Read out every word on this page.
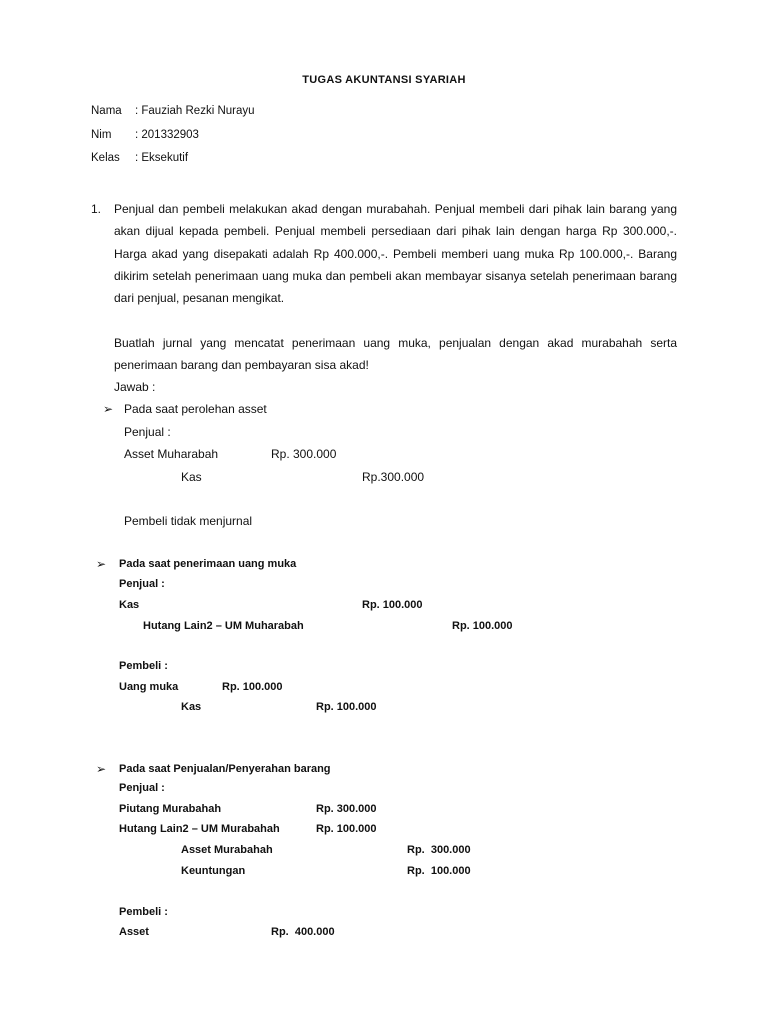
TUGAS AKUNTANSI SYARIAH
Nama : Fauziah Rezki Nurayu
Nim : 201332903
Kelas : Eksekutif
1. Penjual dan pembeli melakukan akad dengan murabahah. Penjual membeli dari pihak lain barang yang akan dijual kepada pembeli. Penjual membeli persediaan dari pihak lain dengan harga Rp 300.000,-. Harga akad yang disepakati adalah Rp 400.000,-. Pembeli memberi uang muka Rp 100.000,-. Barang dikirim setelah penerimaan uang muka dan pembeli akan membayar sisanya setelah penerimaan barang dari penjual, pesanan mengikat.
Buatlah jurnal yang mencatat penerimaan uang muka, penjualan dengan akad murabahah serta penerimaan barang dan pembayaran sisa akad!
Jawab :
➢ Pada saat perolehan asset
Penjual :
Asset Muharabah	Rp. 300.000
Kas	Rp.300.000
Pembeli tidak menjurnal
➢ Pada saat penerimaan uang muka
Penjual :
Kas	Rp. 100.000
Hutang Lain2 – UM Muharabah	Rp. 100.000
Pembeli :
Uang muka	Rp. 100.000
Kas	Rp. 100.000
➢ Pada saat Penjualan/Penyerahan barang
Penjual :
Piutang Murabahah	Rp. 300.000
Hutang Lain2 – UM Murabahah	Rp. 100.000
Asset Murabahah	Rp.  300.000
Keuntungan	Rp.  100.000
Pembeli :
Asset	Rp.  400.000
